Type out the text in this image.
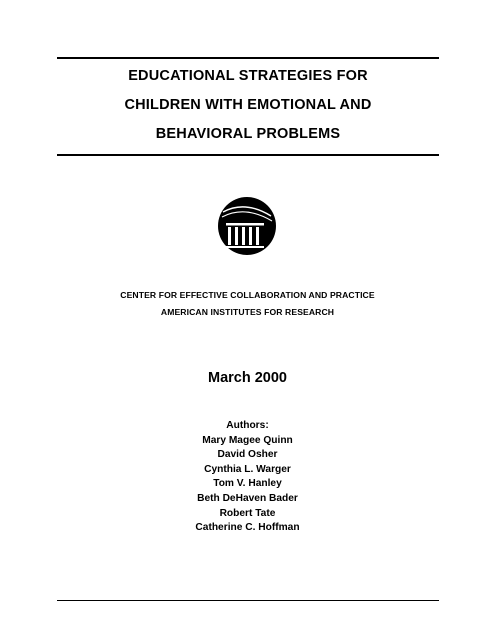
EDUCATIONAL STRATEGIES FOR
CHILDREN WITH EMOTIONAL AND
BEHAVIORAL PROBLEMS
CENTER FOR EFFECTIVE COLLABORATION AND PRACTICE
AMERICAN INSTITUTES FOR RESEARCH
March 2000
Authors:
Mary Magee Quinn
David Osher
Cynthia L. Warger
Tom V. Hanley
Beth DeHaven Bader
Robert Tate
Catherine C. Hoffman
